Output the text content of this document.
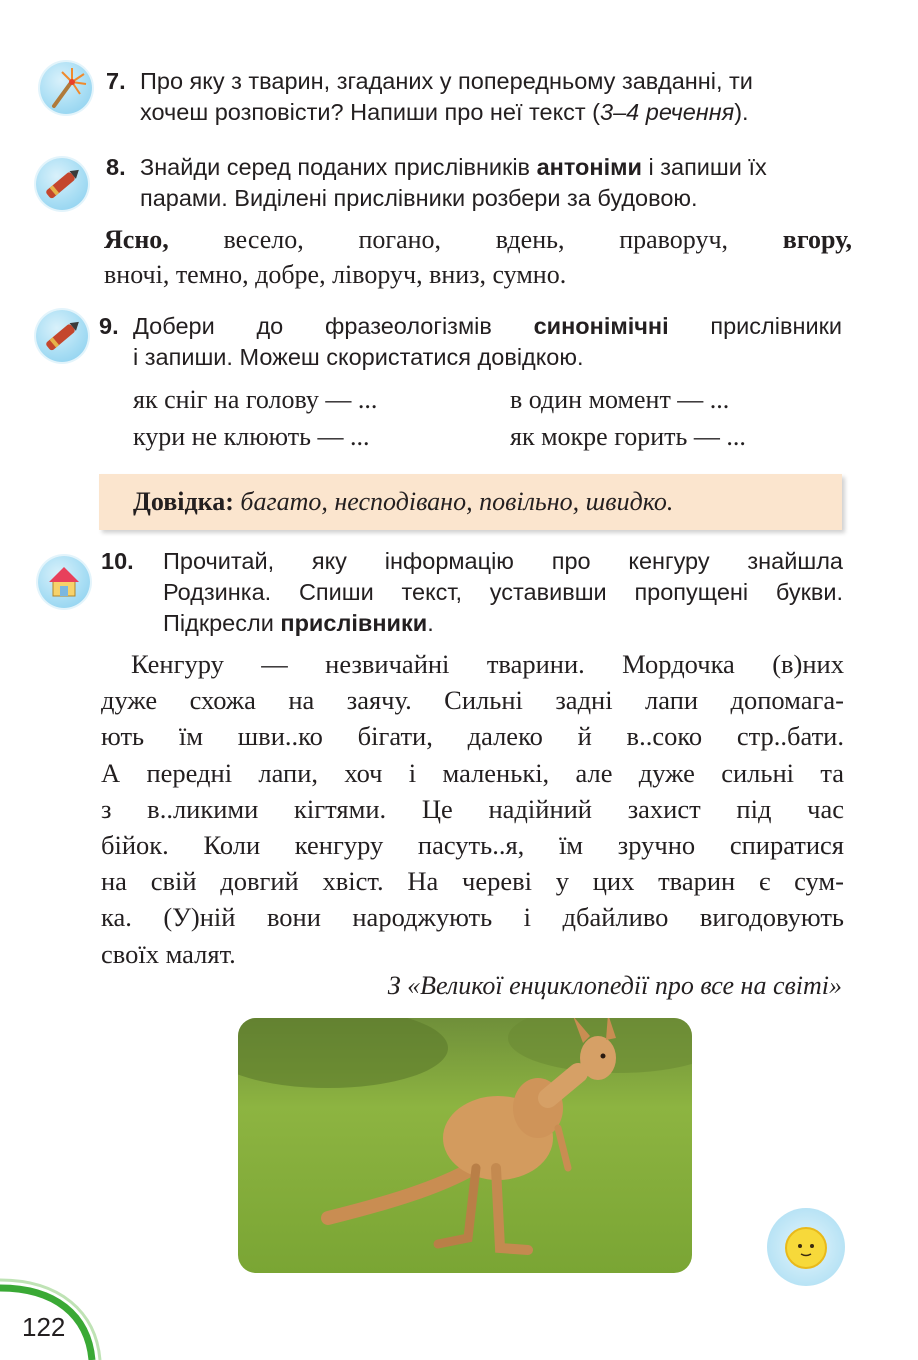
7. Про яку з тварин, згаданих у попередньому завданні, ти
хочеш розповісти? Напиши про неї текст (3–4 речення).
8. Знайди серед поданих прислівників антоніми і запиши їх
парами. Виділені прислівники розбери за будовою.
Ясно, весело, погано, вдень, праворуч, вгору,
вночі, темно, добре, ліворуч, вниз, сумно.
9. Добери до фразеологізмів синонімічні прислівники
і запиши. Можеш скористатися довідкою.
як сніг на голову — ...	в один момент — ...
кури не клюють — ...	як мокре горить — ...
Довідка: багато, несподівано, повільно, швидко.
10.	Прочитай, яку інформацію про кенгуру знайшла
Родзинка. Спиши текст, уставивши пропущені букви.
Підкресли прислівники.
Кенгуру — незвичайні тварини. Мордочка (в)них
дуже схожа на заячу. Сильні задні лапи допомага-
ють їм шви..ко бігати, далеко й в..соко стр..бати.
А передні лапи, хоч і маленькі, але дуже сильні та
з в..ликими кігтями. Це надійний захист під час
бійок. Коли кенгуру пасуть..я, їм зручно спиратися
на свій довгий хвіст. На череві у цих тварин є сум-
ка. (У)ній вони народжують і дбайливо вигодовують
своїх малят.
З «Великої енциклопедії про все на світі»
122
